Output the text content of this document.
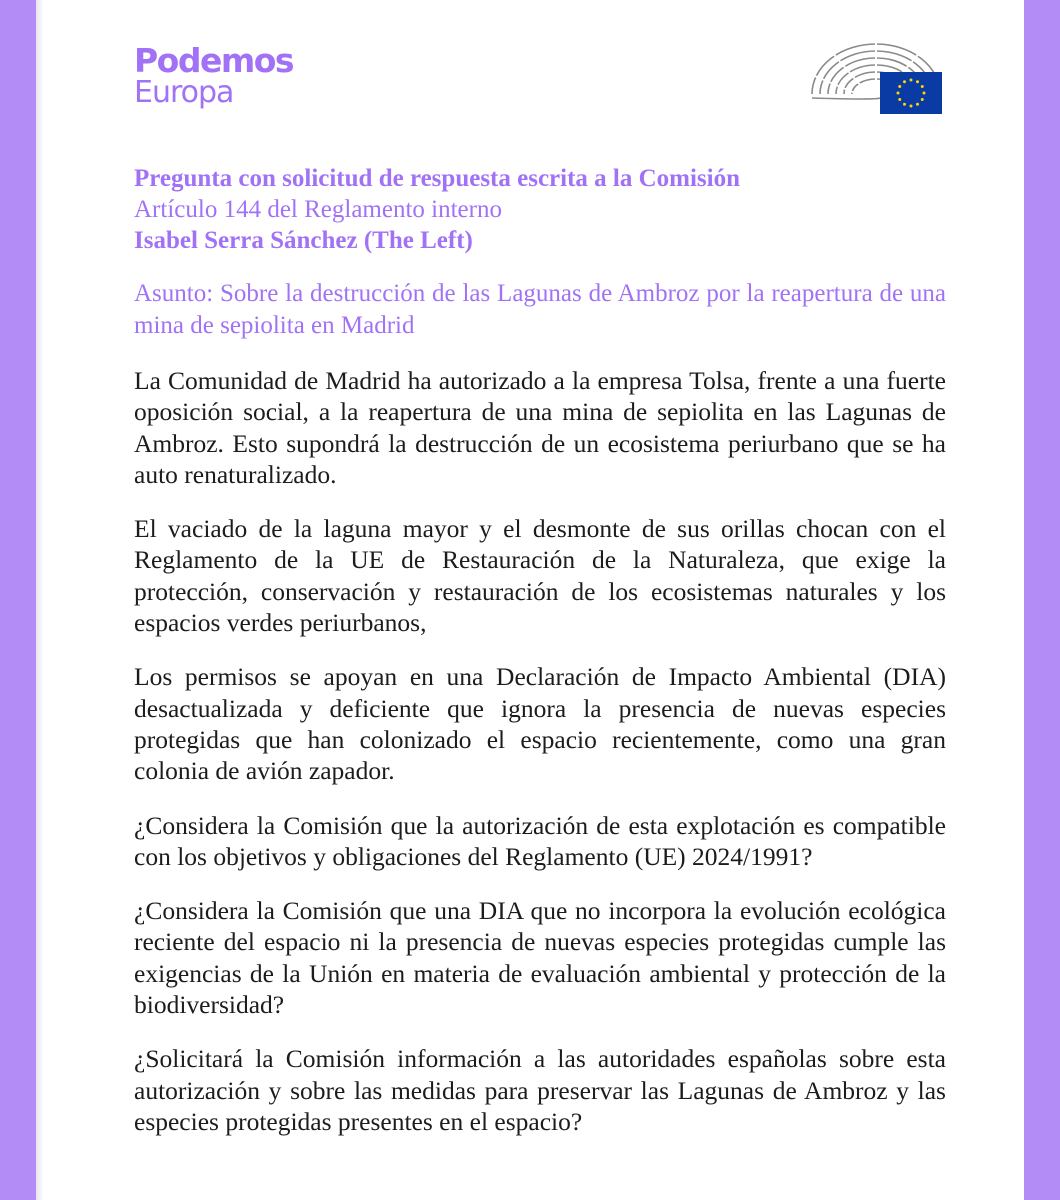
Podemos
Europa
Pregunta con solicitud de respuesta escrita a la Comisión
Artículo 144 del Reglamento interno
Isabel Serra Sánchez (The Left)
Asunto: Sobre la destrucción de las Lagunas de Ambroz por la reapertura de una mina de sepiolita en Madrid

La Comunidad de Madrid ha autorizado a la empresa Tolsa, frente a una fuerte oposición social, a la reapertura de una mina de sepiolita en las Lagunas de Ambroz. Esto supondrá la destrucción de un ecosistema periurbano que se ha auto renaturalizado.

El vaciado de la laguna mayor y el desmonte de sus orillas chocan con el Reglamento de la UE de Restauración de la Naturaleza, que exige la protección, conservación y restauración de los ecosistemas naturales y los espacios verdes periurbanos,

Los permisos se apoyan en una Declaración de Impacto Ambiental (DIA) desactualizada y deficiente que ignora la presencia de nuevas especies protegidas que han colonizado el espacio recientemente, como una gran colonia de avión zapador.

¿Considera la Comisión que la autorización de esta explotación es compatible con los objetivos y obligaciones del Reglamento (UE) 2024/1991?

¿Considera la Comisión que una DIA que no incorpora la evolución ecológica reciente del espacio ni la presencia de nuevas especies protegidas cumple las exigencias de la Unión en materia de evaluación ambiental y protección de la biodiversidad?

¿Solicitará la Comisión información a las autoridades españolas sobre esta autorización y sobre las medidas para preservar las Lagunas de Ambroz y las especies protegidas presentes en el espacio?
